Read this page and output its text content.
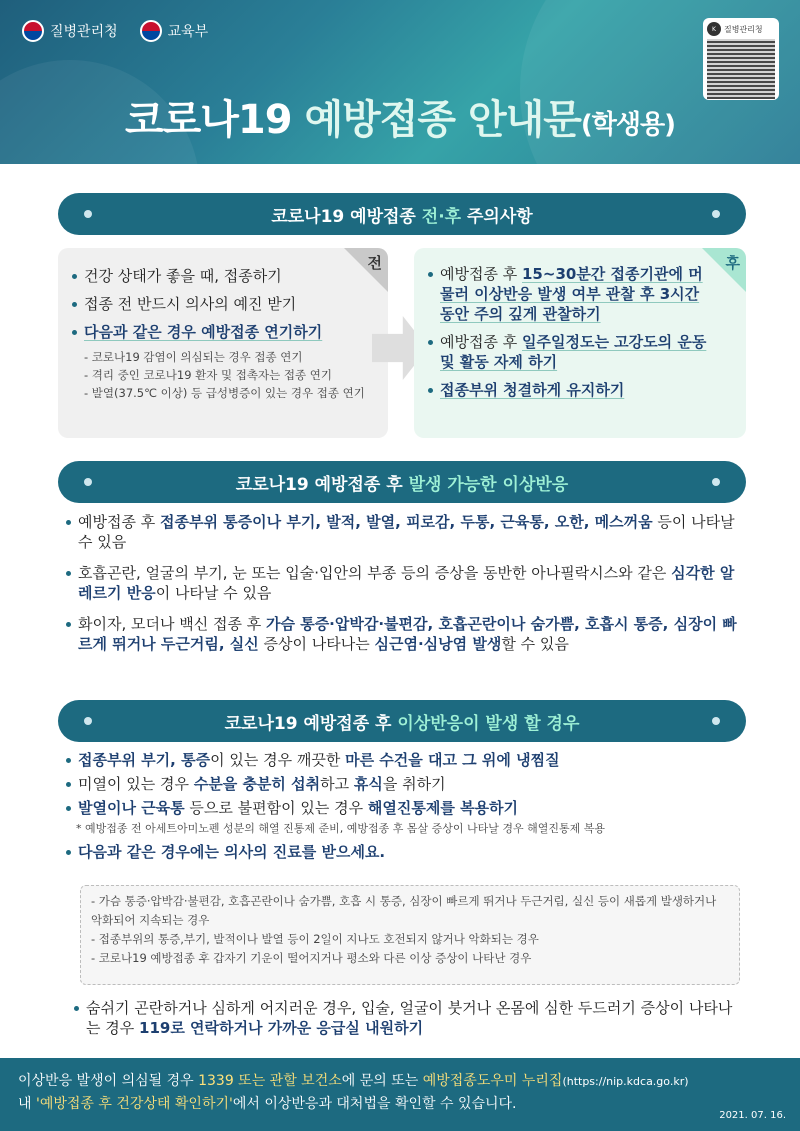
질병관리청	교육부
코로나19 예방접종 안내문(학생용)
K	질병관리청
코로나19 예방접종 전·후 주의사항
전
건강 상태가 좋을 때, 접종하기
접종 전 반드시 의사의 예진 받기
다음과 같은 경우 예방접종 연기하기
- 코로나19 감염이 의심되는 경우 접종 연기
- 격리 중인 코로나19 환자 및 접촉자는 접종 연기
- 발열(37.5℃ 이상) 등 급성병증이 있는 경우 접종 연기
후
예방접종 후 15~30분간 접종기관에 머물러 이상반응 발생 여부 관찰 후 3시간 동안 주의 깊게 관찰하기
예방접종 후 일주일정도는 고강도의 운동 및 활동 자제 하기
접종부위 청결하게 유지하기
코로나19 예방접종 후 발생 가능한 이상반응
예방접종 후 접종부위 통증이나 부기, 발적, 발열, 피로감, 두통, 근육통, 오한, 메스꺼움 등이 나타날 수 있음
호흡곤란, 얼굴의 부기, 눈 또는 입술·입안의 부종 등의 증상을 동반한 아나필락시스와 같은 심각한 알레르기 반응이 나타날 수 있음
화이자, 모더나 백신 접종 후 가슴 통증·압박감·불편감, 호흡곤란이나 숨가쁨, 호흡시 통증, 심장이 빠르게 뛰거나 두근거림, 실신 증상이 나타나는 심근염·심낭염 발생할 수 있음
코로나19 예방접종 후 이상반응이 발생 할 경우
접종부위 부기, 통증이 있는 경우 깨끗한 마른 수건을 대고 그 위에 냉찜질
미열이 있는 경우 수분을 충분히 섭취하고 휴식을 취하기
발열이나 근육통 등으로 불편함이 있는 경우 해열진통제를 복용하기
* 예방접종 전 아세트아미노펜 성분의 해열 진통제 준비, 예방접종 후 몸살 증상이 나타날 경우 해열진통제 복용
다음과 같은 경우에는 의사의 진료를 받으세요.
- 가슴 통증·압박감·불편감, 호흡곤란이나 숨가쁨, 호흡 시 통증, 심장이 빠르게 뛰거나 두근거림, 실신 등이 새롭게 발생하거나 악화되어 지속되는 경우
- 접종부위의 통증,부기, 발적이나 발열 등이 2일이 지나도 호전되지 않거나 악화되는 경우
- 코로나19 예방접종 후 갑자기 기운이 떨어지거나 평소와 다른 이상 증상이 나타난 경우
숨쉬기 곤란하거나 심하게 어지러운 경우, 입술, 얼굴이 붓거나 온몸에 심한 두드러기 증상이 나타나는 경우 119로 연락하거나 가까운 응급실 내원하기

이상반응 발생이 의심될 경우 1339 또는 관할 보건소에 문의 또는 예방접종도우미 누리집(https://nip.kdca.go.kr)

내 '예방접종 후 건강상태 확인하기'에서 이상반응과 대처법을 확인할 수 있습니다.

2021. 07. 16.
